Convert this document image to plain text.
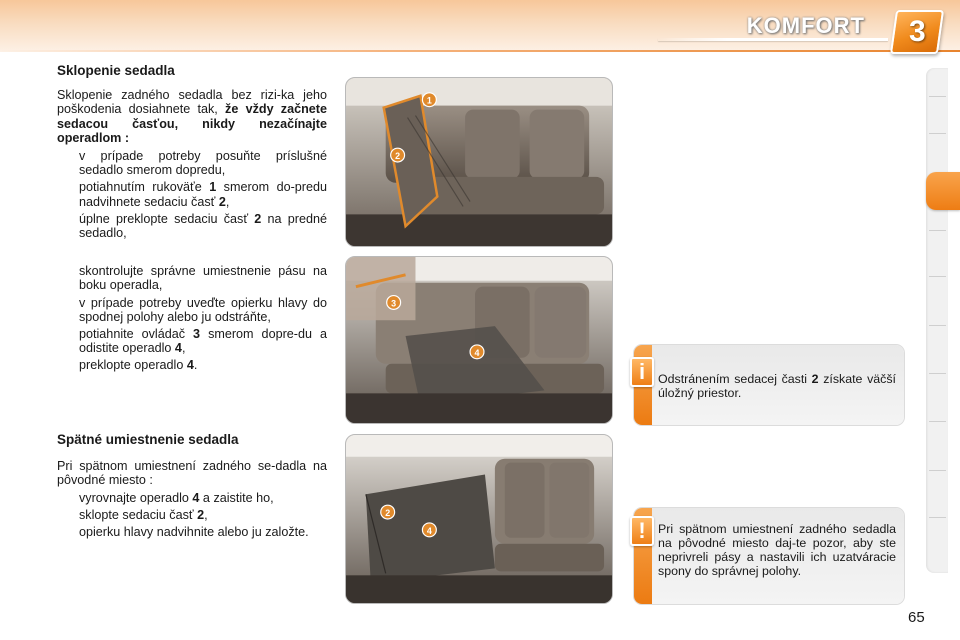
KOMFORT 3
Sklopenie sedadla

Sklopenie zadného sedadla bez rizi-ka jeho poškodenia dosiahnete tak, že vždy začnete sedacou časťou, nikdy nezačínajte operadlom :

v prípade potreby posuňte príslušné sedadlo smerom dopredu,
potiahnutím rukoväťe 1 smerom do-predu nadvihnete sedaciu časť 2,
úplne preklopte sedaciu časť 2 na predné sedadlo,
skontrolujte správne umiestnenie pásu na boku operadla,
v prípade potreby uveďte opierku hlavy do spodnej polohy alebo ju odstráňte,
potiahnite ovládač 3 smerom dopre-du a odistite operadlo 4,
preklopte operadlo 4.
Spätné umiestnenie sedadla

Pri spätnom umiestnení zadného se-dadla na pôvodné miesto :

vyrovnajte operadlo 4 a zaistite ho,
sklopte sedaciu časť 2,
opierku hlavy nadvihnite alebo ju založte.
1
2
3
4
2
4
i	Odstránením sedacej časti 2 získate väčší úložný priestor.

! Pri spätnom umiestnení zadného sedadla na pôvodné miesto daj-te pozor, aby ste neprivreli pásy a nastavili ich uzatváracie spony do správnej polohy.

65
